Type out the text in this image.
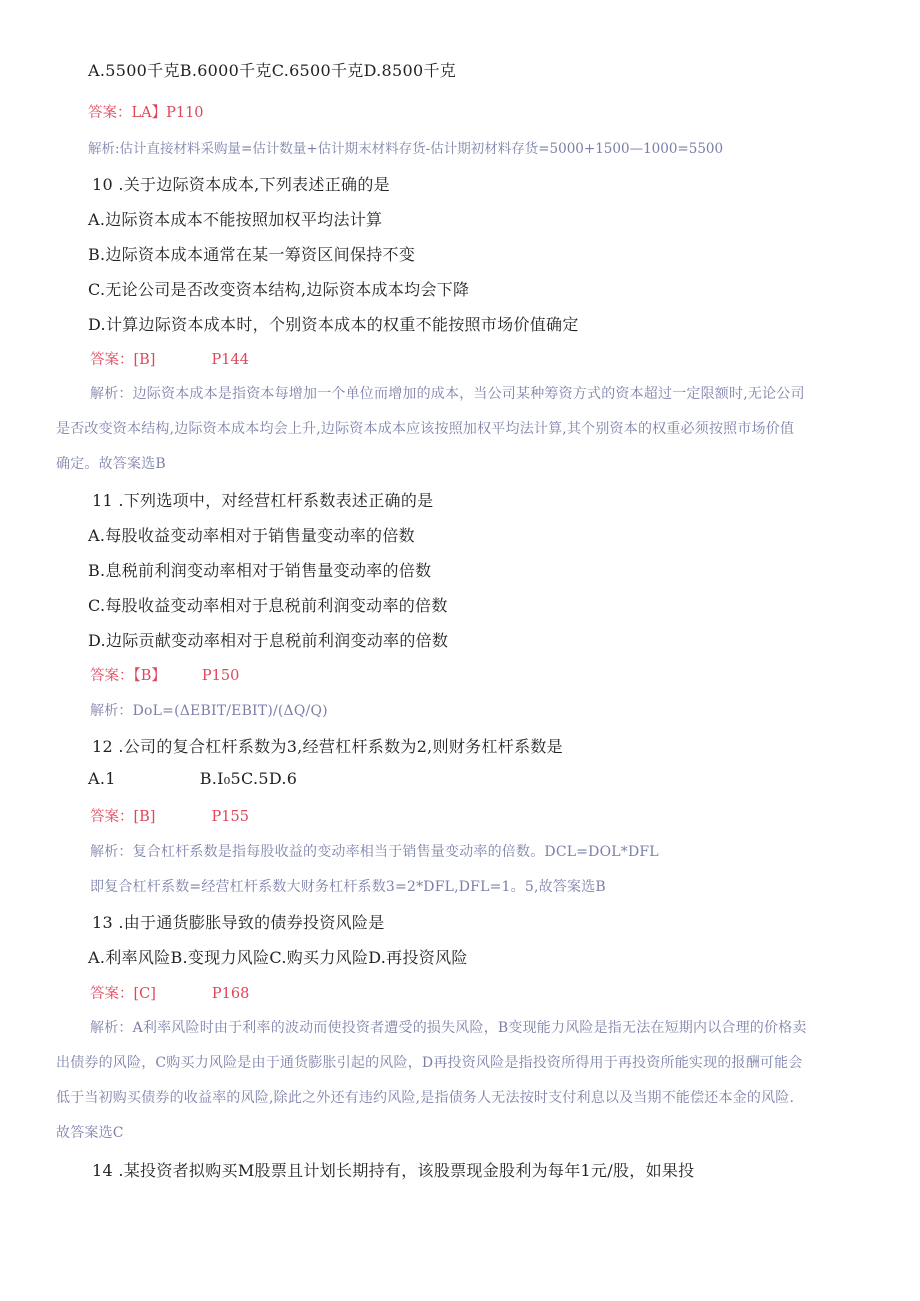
A.5500千克B.6000千克C.6500千克D.8500千克
答案：LA】P110
解析:估计直接材料采购量=估计数量+估计期末材料存货-估计期初材料存货=5000+1500—1000=5500
10 .关于边际资本成本,下列表述正确的是
A.边际资本成本不能按照加权平均法计算
B.边际资本成本通常在某一筹资区间保持不变
C.无论公司是否改变资本结构,边际资本成本均会下降
D.计算边际资本成本时，个别资本成本的权重不能按照市场价值确定
答案：[B]	P144
解析：边际资本成本是指资本每增加一个单位而增加的成本，当公司某种筹资方式的资本超过一定限额时,无论公司
是否改变资本结构,边际资本成本均会上升,边际资本成本应该按照加权平均法计算,其个别资本的权重必须按照市场价值
确定。故答案选B
11 .下列选项中，对经营杠杆系数表述正确的是
A.每股收益变动率相对于销售量变动率的倍数
B.息税前利润变动率相对于销售量变动率的倍数
C.每股收益变动率相对于息税前利润变动率的倍数
D.边际贡献变动率相对于息税前利润变动率的倍数
答案：【B】 P150
解析：DoL=(ΔEBIT/EBIT)/(ΔQ/Q)
12 .公司的复合杠杆系数为3,经营杠杆系数为2,则财务杠杆系数是
A.1	B.I₀5C.5D.6
答案：[B]	P155
解析：复合杠杆系数是指每股收益的变动率相当于销售量变动率的倍数。DCL=DOL*DFL
即复合杠杆系数=经营杠杆系数大财务杠杆系数3=2*DFL,DFL=1。5,故答案选B
13 .由于通货膨胀导致的债券投资风险是
A.利率风险B.变现力风险C.购买力风险D.再投资风险
答案：[C]	P168
解析：A利率风险时由于利率的波动而使投资者遭受的损失风险，B变现能力风险是指无法在短期内以合理的价格卖
出债券的风险，C购买力风险是由于通货膨胀引起的风险，D再投资风险是指投资所得用于再投资所能实现的报酬可能会
低于当初购买债券的收益率的风险,除此之外还有违约风险,是指债务人无法按时支付利息以及当期不能偿还本金的风险.
故答案选C
14 .某投资者拟购买M股票且计划长期持有，该股票现金股利为每年1元/股，如果投
